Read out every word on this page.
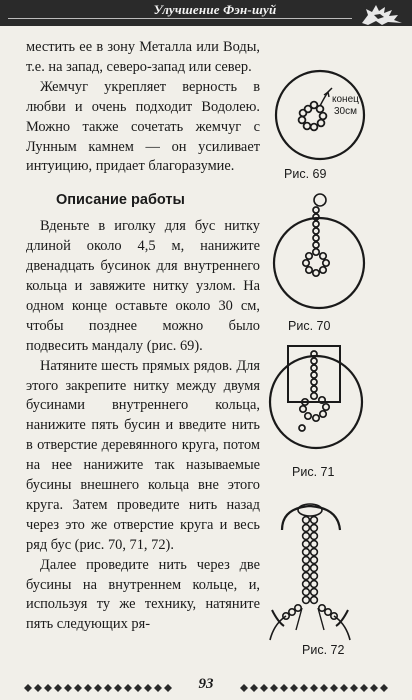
Улучшение Фэн-шуй

местить ее в зону Металла или Воды, т.е. на запад, северо-запад или север.

Жемчуг укрепляет верность в любви и очень подходит Водолею. Можно также сочетать жемчуг с Лунным камнем — он усиливает интуицию, придает благоразумие.

Описание работы

Вденьте в иголку для бус нитку длиной около 4,5 м, нанижите двенадцать бусинок для внутреннего кольца и завяжите нитку узлом. На одном конце оставьте около 30 см, чтобы позднее можно было подвесить мандалу (рис. 69).

Натяните шесть прямых рядов. Для этого закрепите нитку между двумя бусинами внутреннего кольца, нанижите пять бусин и введите нить в отверстие деревянного круга, потом на нее нанижите так называемые бусины внешнего кольца вне этого круга. Затем проведите нить назад через это же отверстие круга и весь ряд бус (рис. 70, 71, 72).

Далее проведите нить через две бусины на внутреннем кольце, и, используя ту же технику, натяните пять следующих ря-

конец
30см
Рис. 69
Рис. 70
Рис. 71
Рис. 72
93
